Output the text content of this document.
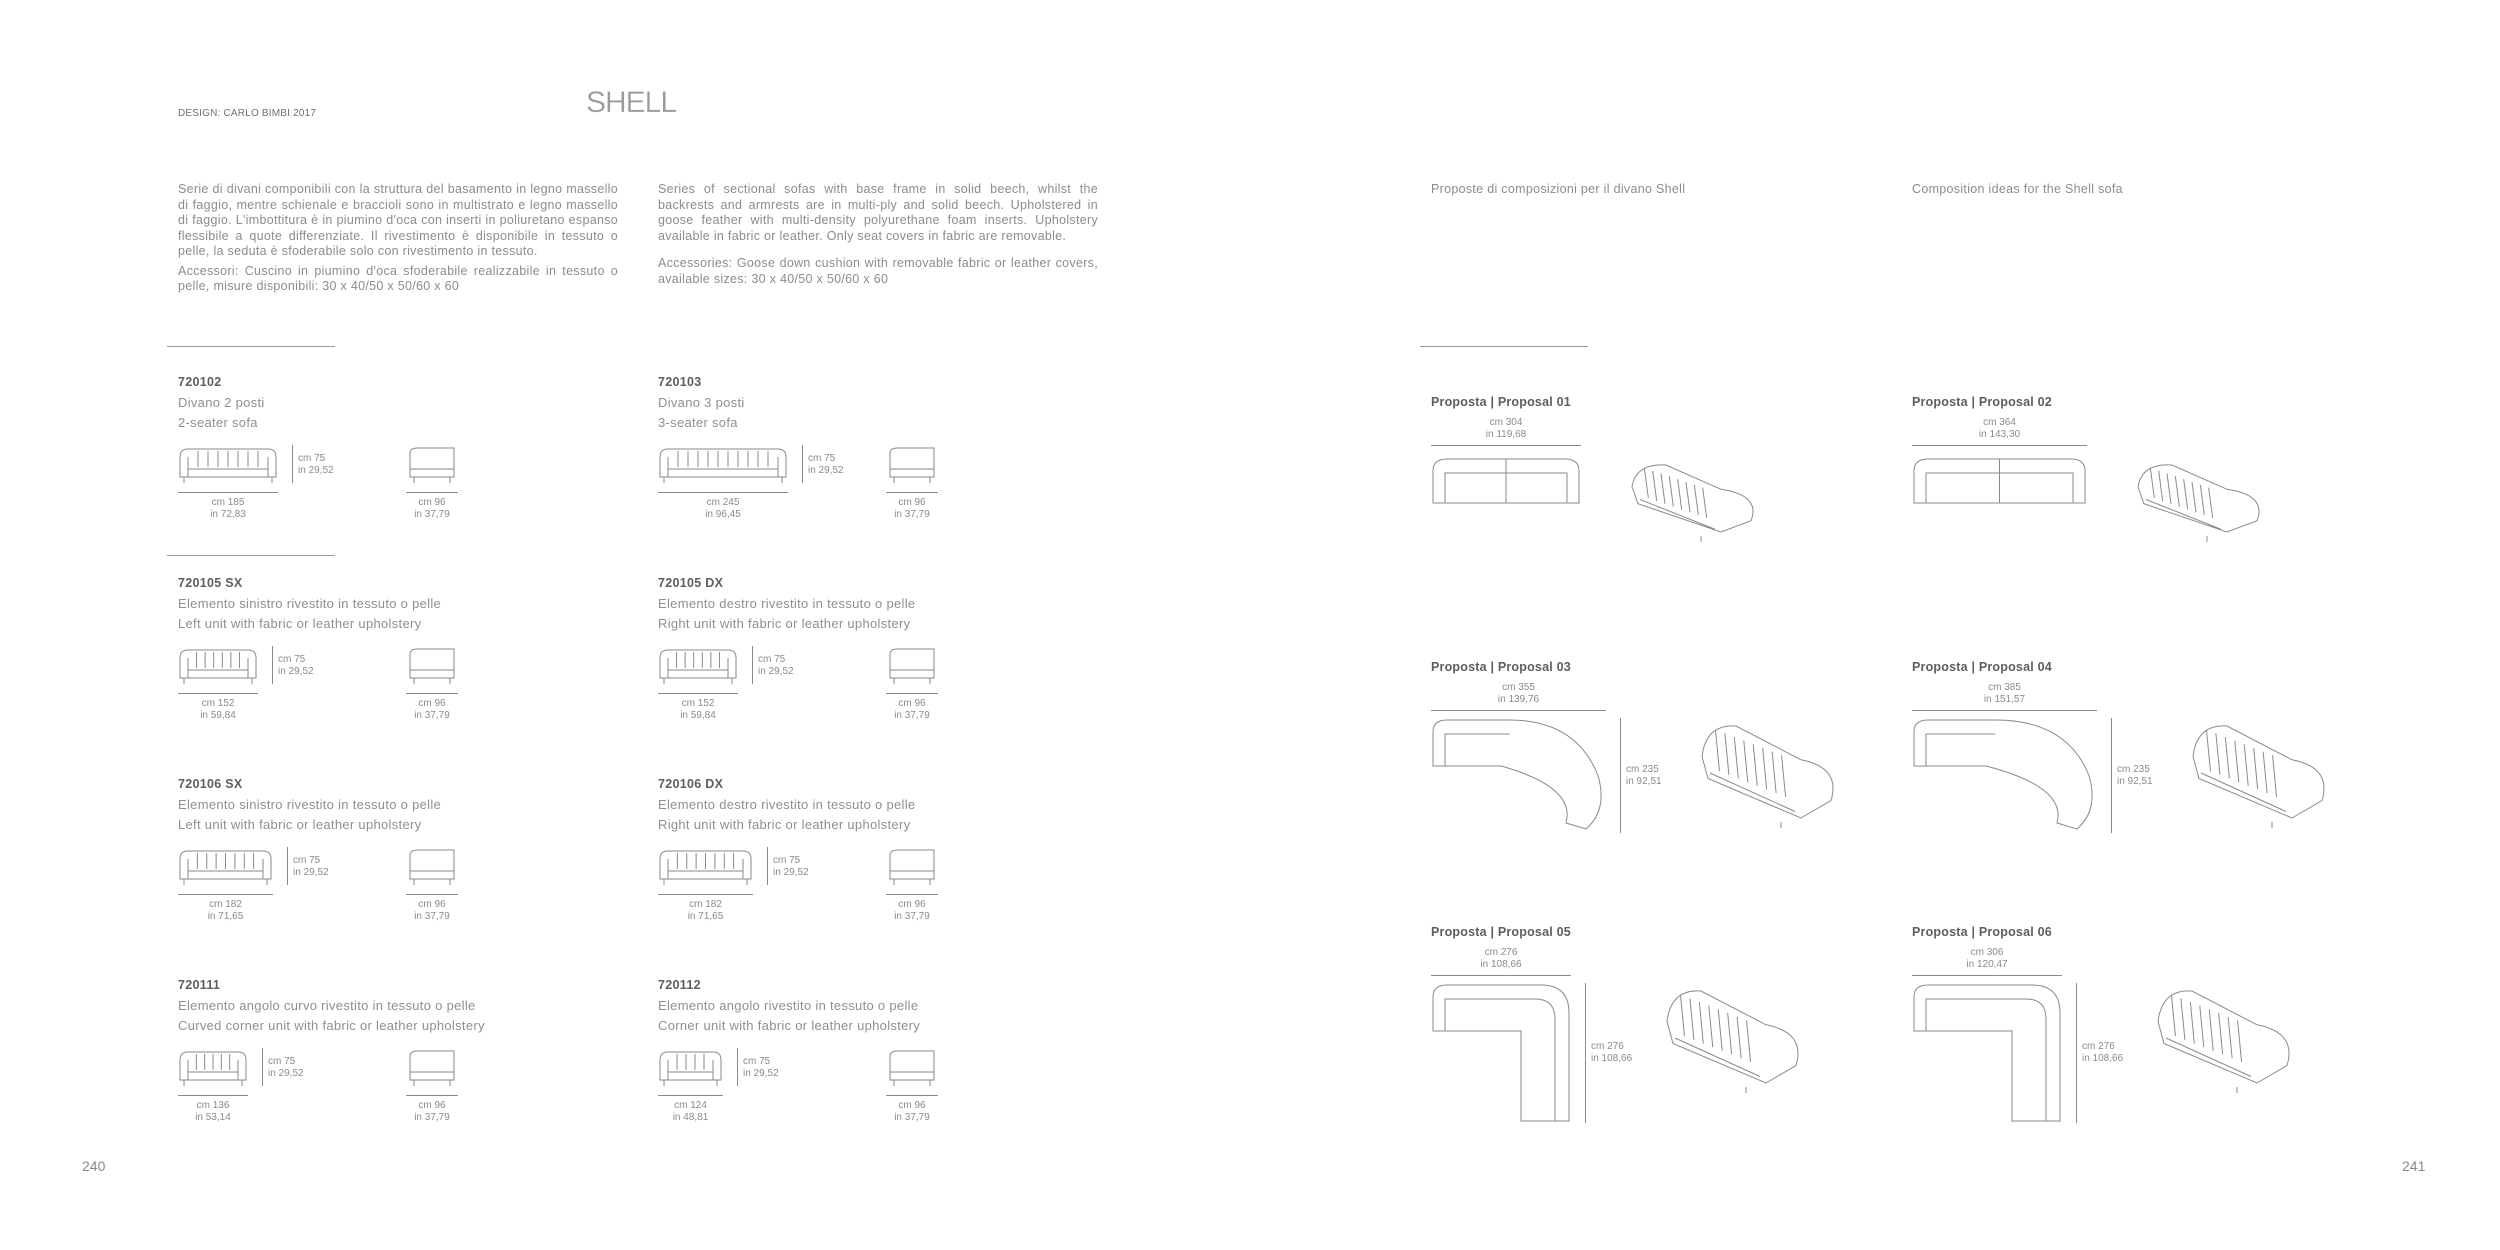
DESIGN: CARLO BIMBI 2017	SHELL

Serie di divani componibili con la struttura del basamento in legno massello di faggio, mentre schienale e braccioli sono in multistrato e legno massello di faggio. L'imbottitura è in piumino d'oca con inserti in poliuretano espanso flessibile a quote differenziate. Il rivestimento è disponibile in tessuto o pelle, la seduta è sfoderabile solo con rivestimento in tessuto.

Accessori: Cuscino in piumino d'oca sfoderabile realizzabile in tessuto o pelle, misure disponibili: 30 x 40/50 x 50/60 x 60

Series of sectional sofas with base frame in solid beech, whilst the backrests and armrests are in multi-ply and solid beech. Upholstered in goose feather with multi-density polyurethane foam inserts. Upholstery available in fabric or leather. Only seat covers in fabric are removable.

Accessories: Goose down cushion with removable fabric or leather covers, available sizes: 30 x 40/50 x 50/60 x 60

Proposte di composizioni per il divano Shell	Composition ideas for the Shell sofa
720102
Divano 2 posti
2-seater sofa
cm 185
in 72,83
cm 75
in 29,52
cm 96
in 37,79
720103
Divano 3 posti
3-seater sofa
cm 245
in 96,45
cm 75
in 29,52
cm 96
in 37,79
720105 SX
Elemento sinistro rivestito in tessuto o pelle
Left unit with fabric or leather upholstery
cm 152
in 59,84
cm 75
in 29,52
cm 96
in 37,79
720105 DX
Elemento destro rivestito in tessuto o pelle
Right unit with fabric or leather upholstery
cm 152
in 59,84
cm 75
in 29,52
cm 96
in 37,79
720106 SX
Elemento sinistro rivestito in tessuto o pelle
Left unit with fabric or leather upholstery
cm 182
in 71,65
cm 75
in 29,52
cm 96
in 37,79
720106 DX
Elemento destro rivestito in tessuto o pelle
Right unit with fabric or leather upholstery
cm 182
in 71,65
cm 75
in 29,52
cm 96
in 37,79
720111
Elemento angolo curvo rivestito in tessuto o pelle
Curved corner unit with fabric or leather upholstery
cm 136
in 53,14
cm 75
in 29,52
cm 96
in 37,79
720112
Elemento angolo rivestito in tessuto o pelle
Corner unit with fabric or leather upholstery
cm 124
in 48,81
cm 75
in 29,52
cm 96
in 37,79
Proposta | Proposal 01
cm 304
in 119,68
Proposta | Proposal 02
cm 364
in 143,30
Proposta | Proposal 03
cm 355
in 139,76
cm 235
in 92,51
Proposta | Proposal 04
cm 385
in 151,57
cm 235
in 92,51
Proposta | Proposal 05
cm 276
in 108,66
cm 276
in 108,66
Proposta | Proposal 06
cm 306
in 120,47
cm 276
in 108,66
240	241
